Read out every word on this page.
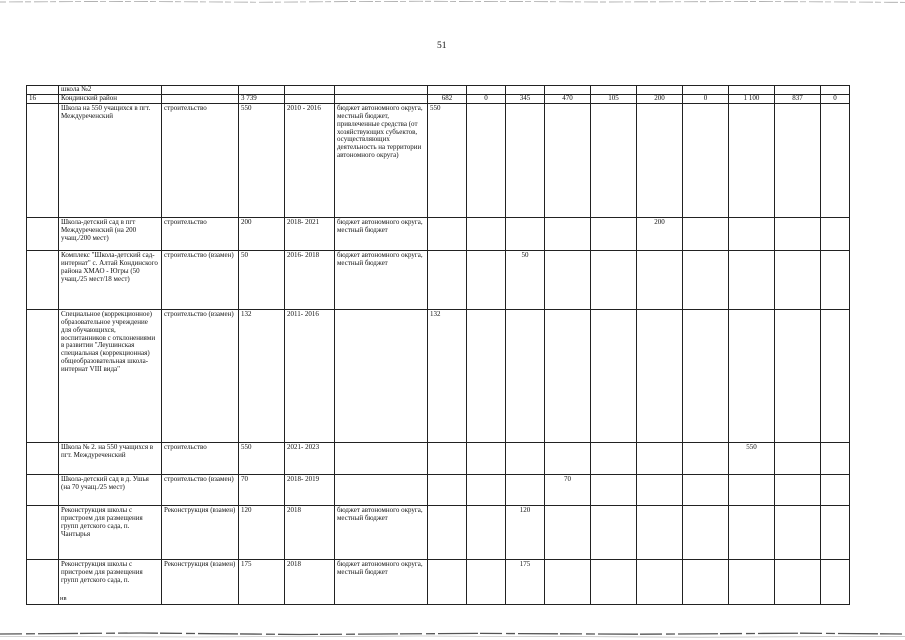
51
	школа №2														
16	Кондинский район		3 739			682	0	345	470	105	200	0	1 100	837	0
	Школа на 550 учащихся в пгт. Междуреченский	строительство	550	2010 - 2016	бюджет автономного округа, местный бюджет, привлеченные средства (от хозяйствующих субъектов, осуществляющих деятельность на территории автономного округа)	550									
	Школа-детский сад в пгт Междуреченский (на 200 учащ./200 мест)	строительство	200	2018- 2021	бюджет автономного округа, местный бюджет						200				
	Комплекс "Школа-детский сад-интернат" с. Алтай Кондинского района ХМАО - Югры (50 учащ./25 мест/18 мест)	строительство (взамен)	50	2016- 2018	бюджет автономного округа, местный бюджет			50							
	Специальное (коррекционное) образовательное учреждение для обучающихся, воспитанников с отклонениями в развитии "Леушинская специальная (коррекционная) общеобразовательная школа-интернат VIII вида"	строительство (взамен)	132	2011- 2016		132									
	Школа № 2. на 550 учащихся в пгт. Междуреченский	строительство	550	2021- 2023									550		
	Школа-детский сад в д. Ушья (на 70 учащ./25 мест)	строительство (взамен)	70	2018- 2019					70						
	Реконструкция школы с пристроем для размещения групп детского сада, п. Чантырья	Реконструкция (взамен)	120	2018	бюджет автономного округа, местный бюджет			120							
	Реконструкция школы с пристроем для размещения групп детского сада, п.	Реконструкция (взамен)	175	2018	бюджет автономного округа, местный бюджет			175							
нв
